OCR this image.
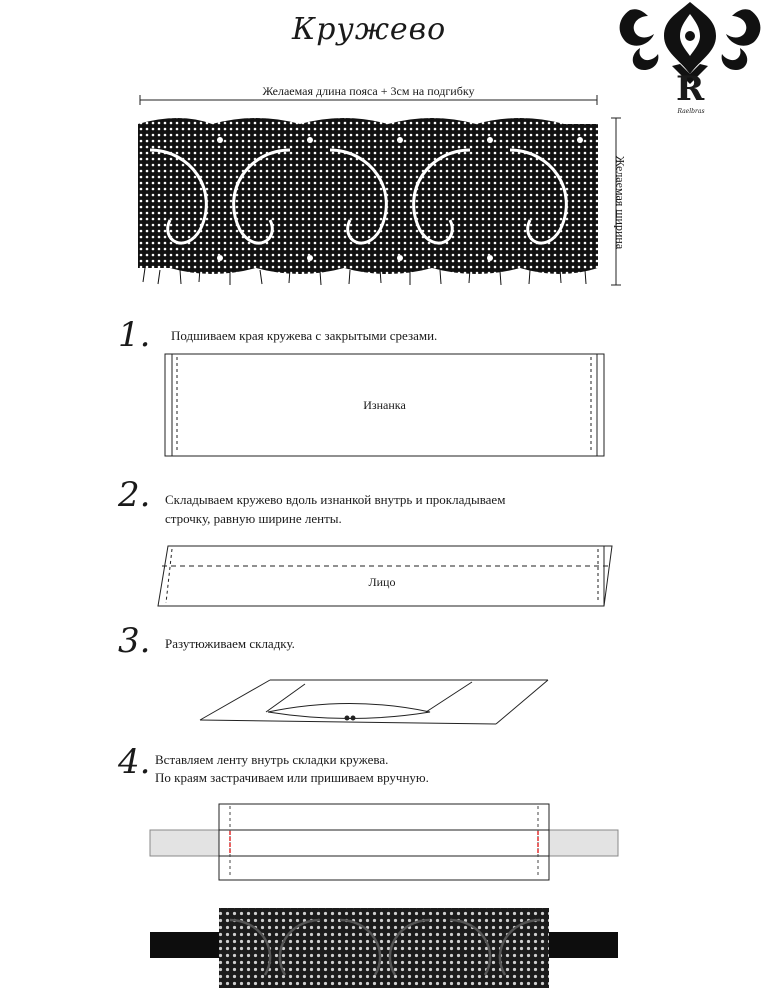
Кружево
R
Raelbras
Желаемая длина пояса + 3см на подгибку
Желаемая ширина
1. Подшиваем края кружева с закрытыми срезами.
Изнанка
2. Складываем кружево вдоль изнанкой внутрь и прокладываем
строчку, равную ширине ленты.
Лицо
3. Разутюживаем складку.
4. Вставляем ленту внутрь складки кружева.
По краям застрачиваем или пришиваем вручную.
